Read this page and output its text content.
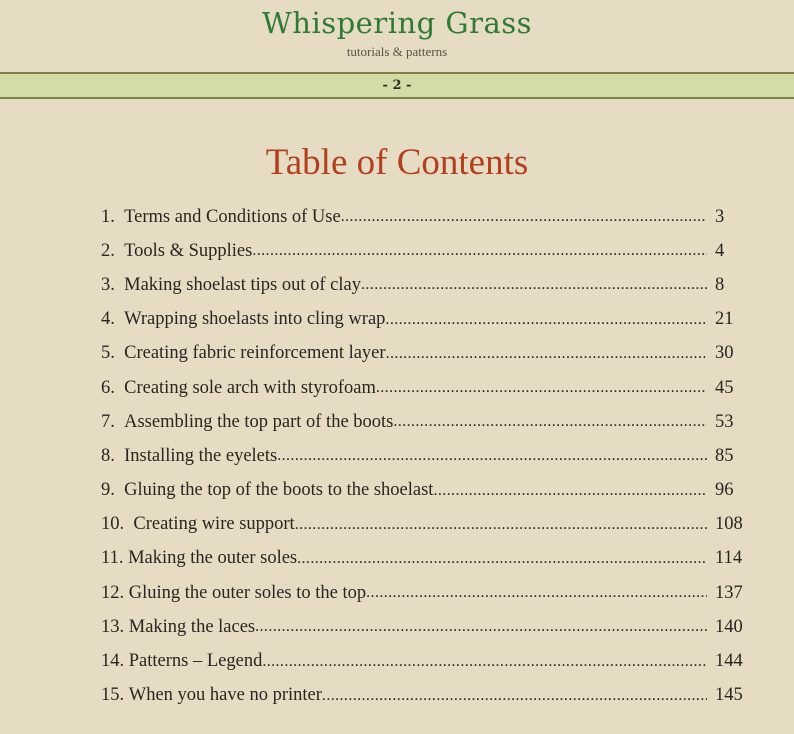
Whispering Grass
tutorials & patterns
- 2 -
Table of Contents
1. Terms and Conditions of Use .....	3
2. Tools & Supplies .....	4
3. Making shoelast tips out of clay .....	8
4. Wrapping shoelasts into cling wrap .....	21
5. Creating fabric reinforcement layer .....	30
6. Creating sole arch with styrofoam .....	45
7. Assembling the top part of the boots .....	53
8. Installing the eyelets .....	85
9. Gluing the top of the boots to the shoelast .....	96
10. Creating wire support .....	108
11. Making the outer soles .....	114
12. Gluing the outer soles to the top .....	137
13. Making the laces .....	140
14. Patterns – Legend .....	144
15. When you have no printer .....	145
